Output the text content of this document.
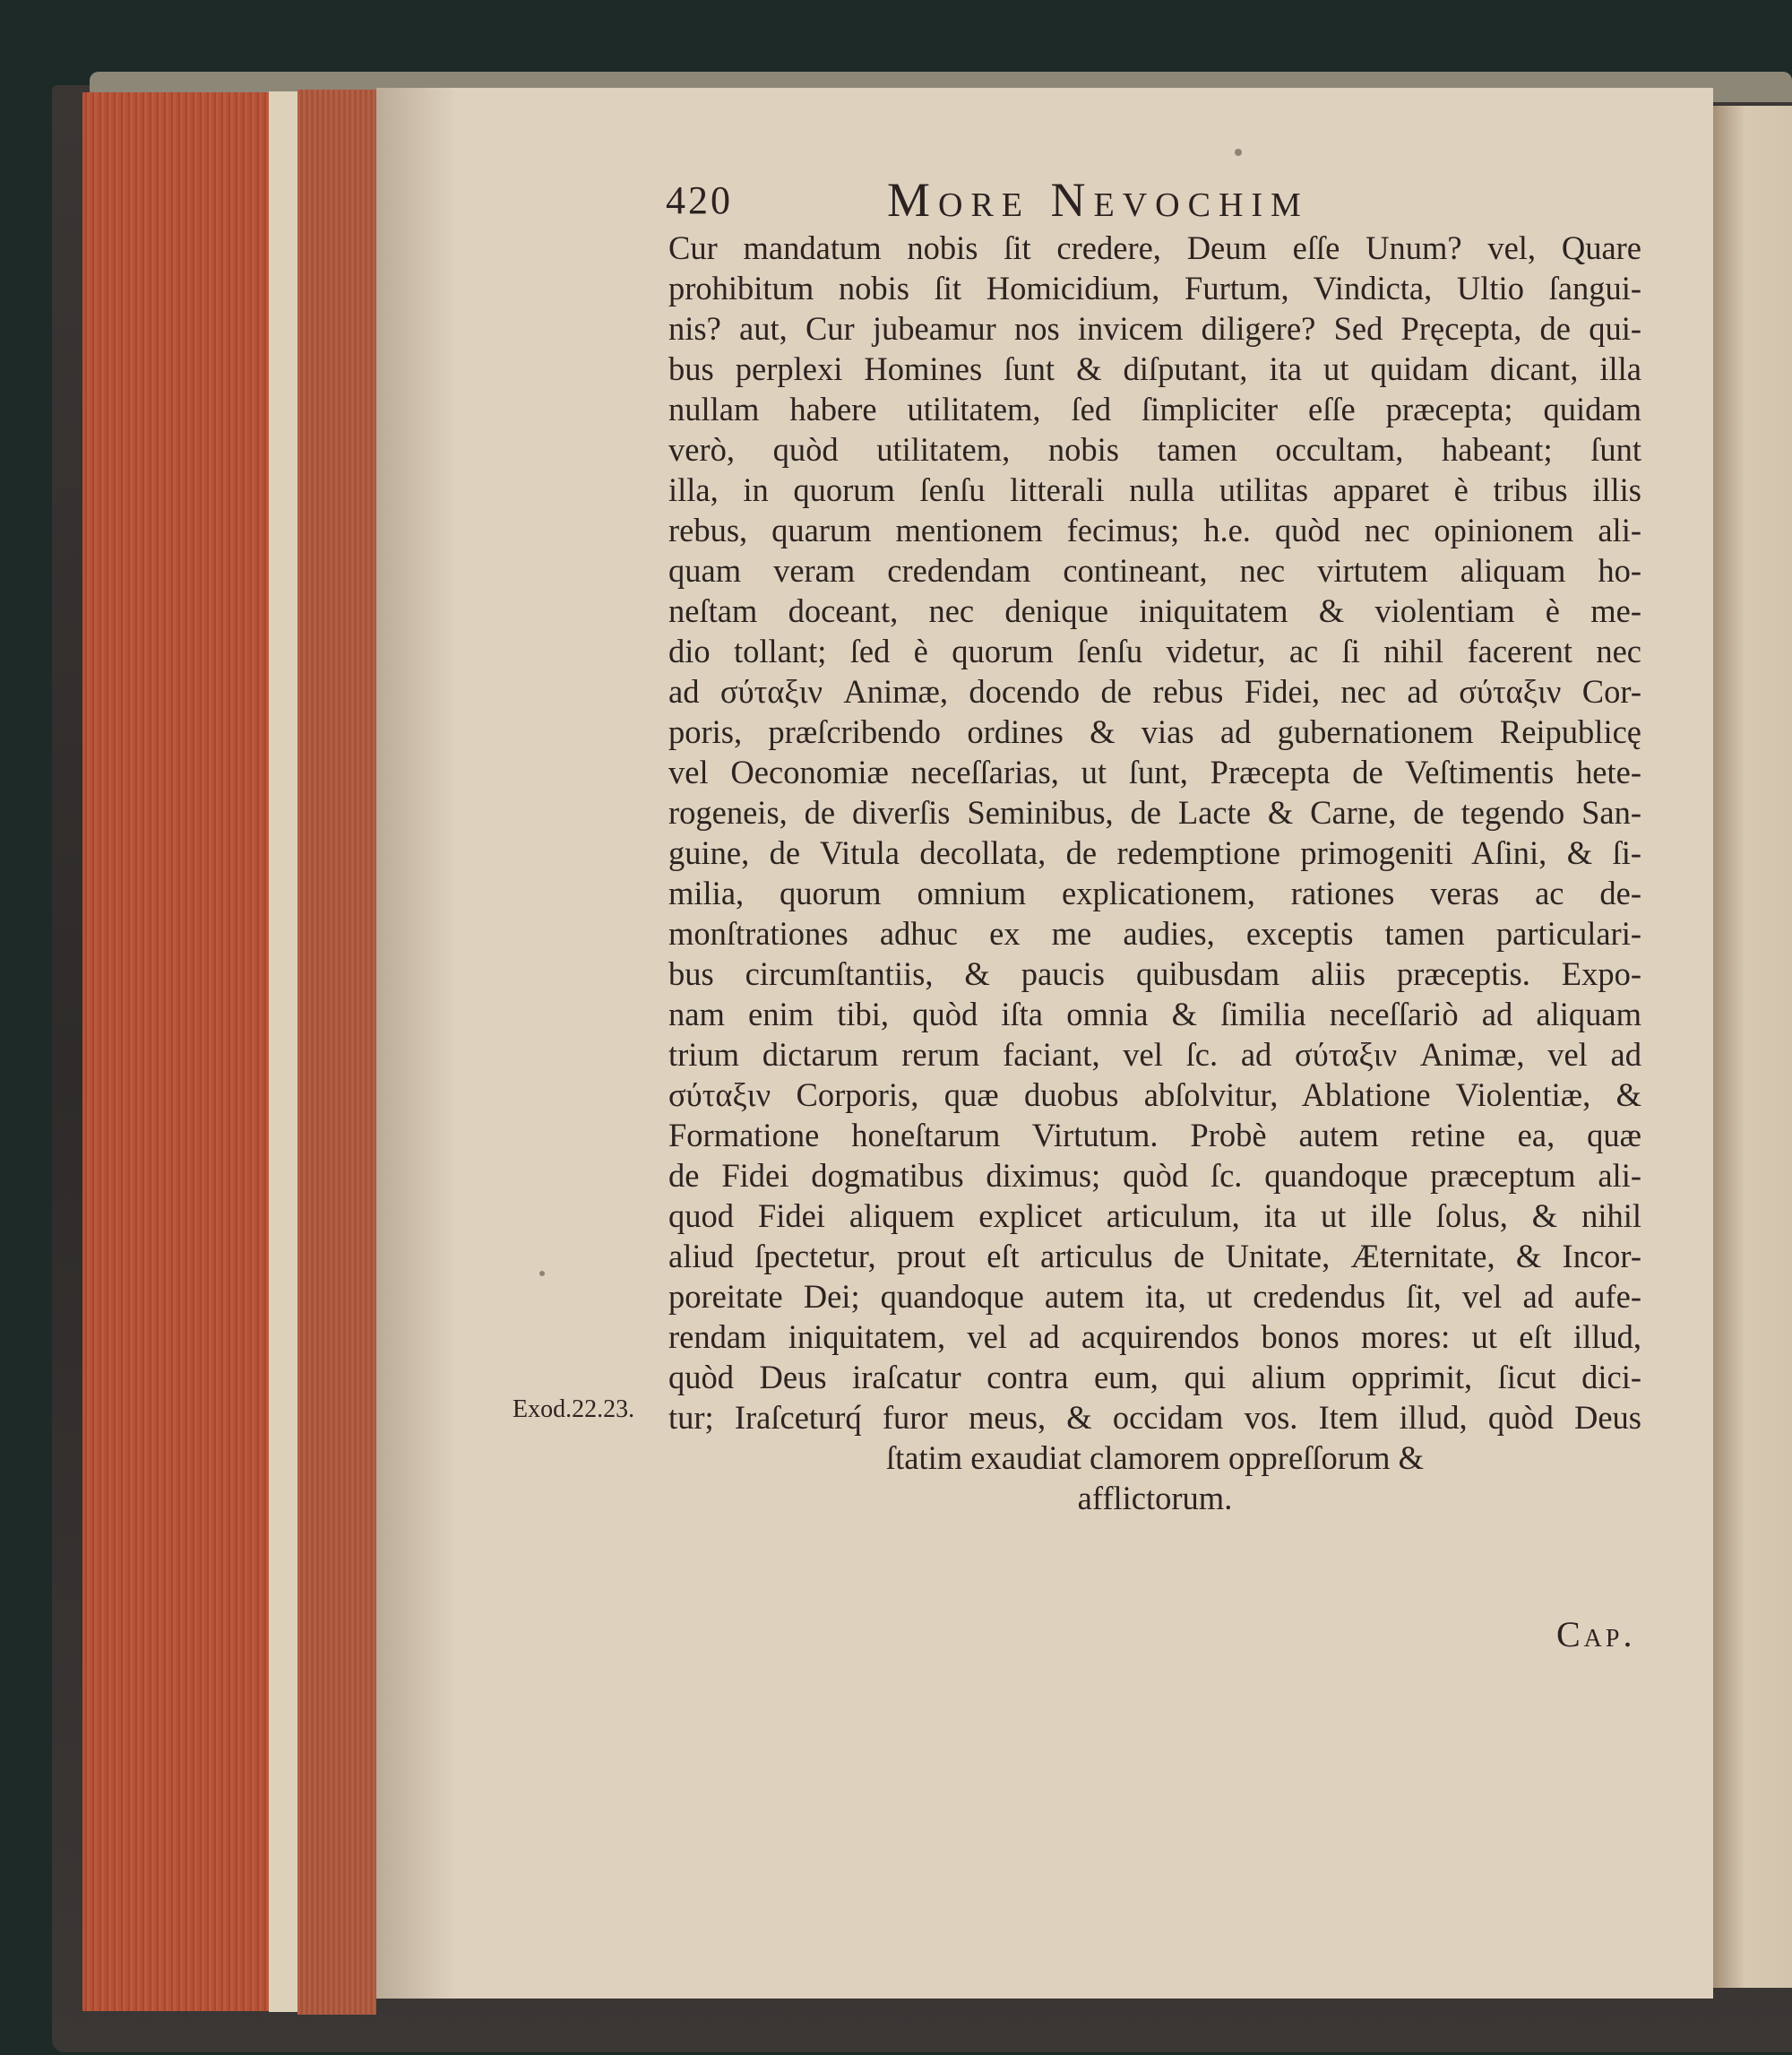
420	More Nevochim
Cur mandatum nobis ſit credere, Deum eſſe Unum? vel, Quare
prohibitum nobis ſit Homicidium, Furtum, Vindicta, Ultio ſangui-
nis? aut, Cur jubeamur nos invicem diligere? Sed Pręcepta, de qui-
bus perplexi Homines ſunt & diſputant, ita ut quidam dicant, illa
nullam habere utilitatem, ſed ſimpliciter eſſe præcepta; quidam
verò, quòd utilitatem, nobis tamen occultam, habeant; ſunt
illa, in quorum ſenſu litterali nulla utilitas apparet è tribus illis
rebus, quarum mentionem fecimus; h.e. quòd nec opinionem ali-
quam veram credendam contineant, nec virtutem aliquam ho-
neſtam doceant, nec denique iniquitatem & violentiam è me-
dio tollant; ſed è quorum ſenſu videtur, ac ſi nihil facerent nec
ad σύταξιν Animæ, docendo de rebus Fidei, nec ad σύταξιν Cor-
poris, præſcribendo ordines & vias ad gubernationem Reipublicę
vel Oeconomiæ neceſſarias, ut ſunt, Præcepta de Veſtimentis hete-
rogeneis, de diverſis Seminibus, de Lacte & Carne, de tegendo San-
guine, de Vitula decollata, de redemptione primogeniti Aſini, & ſi-
milia, quorum omnium explicationem, rationes veras ac de-
monſtrationes adhuc ex me audies, exceptis tamen particulari-
bus circumſtantiis, & paucis quibusdam aliis præceptis. Expo-
nam enim tibi, quòd iſta omnia & ſimilia neceſſariò ad aliquam
trium dictarum rerum faciant, vel ſc. ad σύταξιν Animæ, vel ad
σύταξιν Corporis, quæ duobus abſolvitur, Ablatione Violentiæ, &
Formatione honeſtarum Virtutum. Probè autem retine ea, quæ
de Fidei dogmatibus diximus; quòd ſc. quandoque præceptum ali-
quod Fidei aliquem explicet articulum, ita ut ille ſolus, & nihil
aliud ſpectetur, prout eſt articulus de Unitate, Æternitate, & Incor-
poreitate Dei; quandoque autem ita, ut credendus ſit, vel ad aufe-
rendam iniquitatem, vel ad acquirendos bonos mores: ut eſt illud,
quòd Deus iraſcatur contra eum, qui alium opprimit, ſicut dici-
tur; Iraſceturq́ furor meus, & occidam vos. Item illud, quòd Deus
ſtatim exaudiat clamorem oppreſſorum &
afflictorum.
Exod.22.23.
Cap.
